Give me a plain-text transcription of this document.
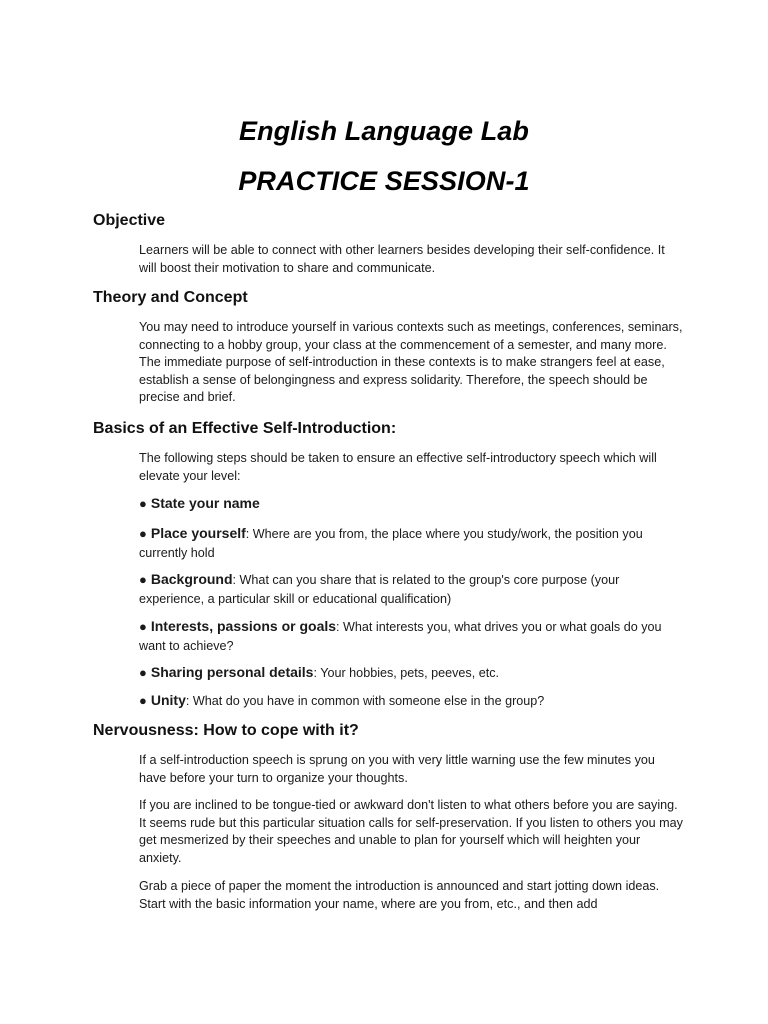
English Language Lab
PRACTICE SESSION-1
Objective
Learners will be able to connect with other learners besides developing their self-confidence. It will boost their motivation to share and communicate.
Theory and Concept
You may need to introduce yourself in various contexts such as meetings, conferences, seminars, connecting to a hobby group, your class at the commencement of a semester, and many more. The immediate purpose of self-introduction in these contexts is to make strangers feel at ease, establish a sense of belongingness and express solidarity. Therefore, the speech should be precise and brief.
Basics of an Effective Self-Introduction:
The following steps should be taken to ensure an effective self-introductory speech which will elevate your level:
● State your name
● Place yourself: Where are you from, the place where you study/work, the position you currently hold
● Background: What can you share that is related to the group's core purpose (your experience, a particular skill or educational qualification)
● Interests, passions or goals: What interests you, what drives you or what goals do you want to achieve?
● Sharing personal details: Your hobbies, pets, peeves, etc.
● Unity: What do you have in common with someone else in the group?
Nervousness: How to cope with it?
If a self-introduction speech is sprung on you with very little warning use the few minutes you have before your turn to organize your thoughts.
If you are inclined to be tongue-tied or awkward don't listen to what others before you are saying. It seems rude but this particular situation calls for self-preservation. If you listen to others you may get mesmerized by their speeches and unable to plan for yourself which will heighten your anxiety.
Grab a piece of paper the moment the introduction is announced and start jotting down ideas. Start with the basic information your name, where are you from, etc., and then add
